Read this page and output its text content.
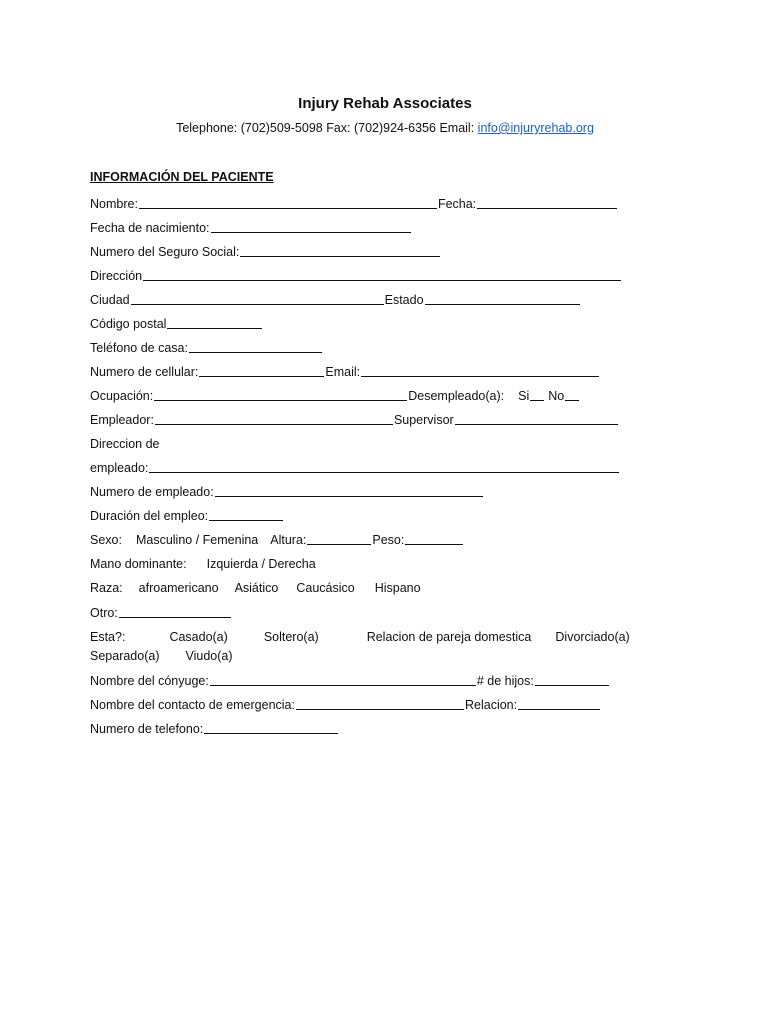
Injury Rehab Associates
Telephone: (702)509-5098 Fax: (702)924-6356 Email: info@injuryrehab.org
INFORMACIÓN DEL PACIENTE
Nombre:	Fecha:
Fecha de nacimiento:
Numero del Seguro Social:
Dirección
Ciudad	Estado
Código postal
Teléfono de casa:
Numero de cellular:	Email:
Ocupación:	Desempleado(a): Si No
Empleador:	Supervisor
Direccion de
empleado:
Numero de empleado:
Duración del empleo:
Sexo: Masculino / Femenina Altura:	Peso:
Mano dominante: Izquierda / Derecha
Raza: afroamericano Asiático Caucásico Hispano
Otro:
Esta?:	Casado(a)	Soltero(a)	Relacion de pareja domestica Divorciado(a)
Separado(a) Viudo(a)
Nombre del cónyuge:	# de hijos:
Nombre del contacto de emergencia:	Relacion:
Numero de telefono:
